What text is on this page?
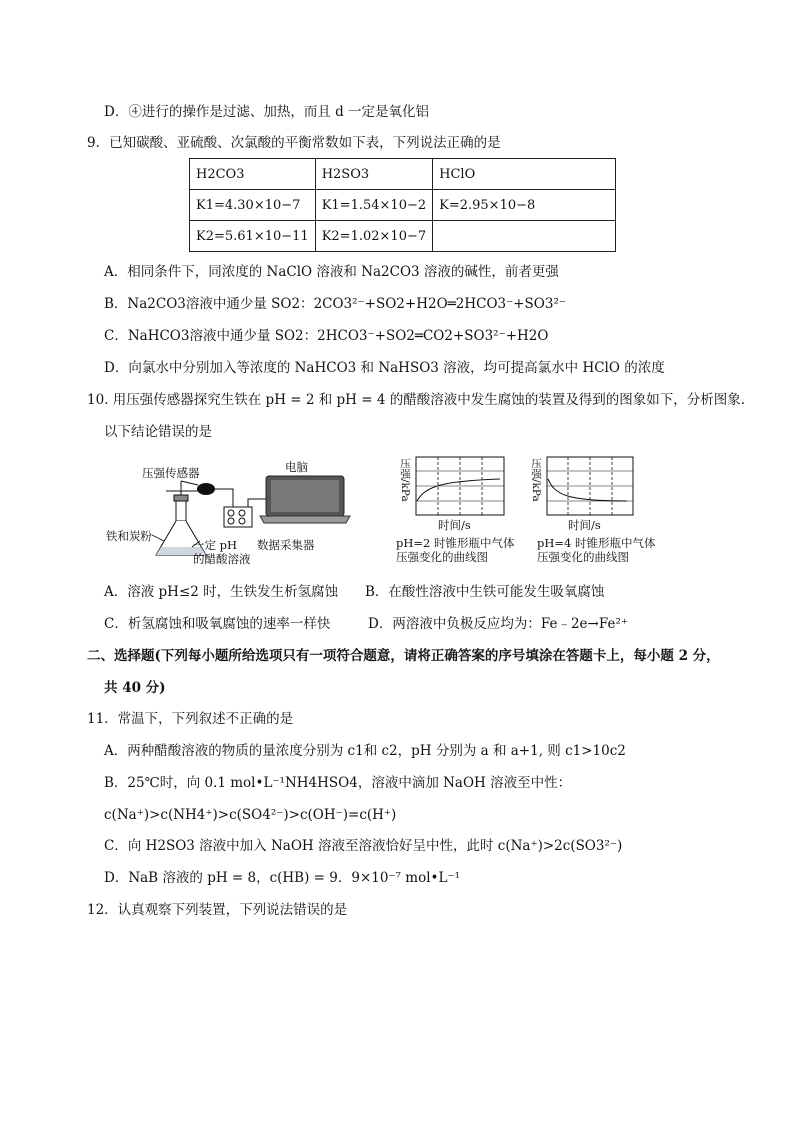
D．④进行的操作是过滤、加热，而且 d 一定是氧化铝
9．已知碳酸、亚硫酸、次氯酸的平衡常数如下表，下列说法正确的是
H2CO3	H2SO3	HClO
K1=4.30×10−7	K1=1.54×10−2	K=2.95×10−8
K2=5.61×10−11	K2=1.02×10−7	
A．相同条件下，同浓度的 NaClO 溶液和 Na2CO3 溶液的碱性，前者更强
B．Na2CO3溶液中通少量 SO2：2CO3²⁻+SO2+H2O═2HCO3⁻+SO3²⁻
C．NaHCO3溶液中通少量 SO2：2HCO3⁻+SO2═CO2+SO3²⁻+H2O
D．向氯水中分别加入等浓度的 NaHCO3 和 NaHSO3 溶液，均可提高氯水中 HClO 的浓度
10. 用压强传感器探究生铁在 pH = 2 和 pH = 4 的醋酸溶液中发生腐蚀的装置及得到的图象如下，分析图象.
以下结论错误的是
压强传感器	电脑
铁和炭粉
一定 pH
的醋酸溶液
数据采集器
压强/kPa
时间/s
pH=2 时锥形瓶中气体
压强变化的曲线图
压强/kPa
时间/s
pH=4 时锥形瓶中气体
压强变化的曲线图
A．溶液 pH≤2 时，生铁发生析氢腐蚀 B．在酸性溶液中生铁可能发生吸氧腐蚀
C．析氢腐蚀和吸氧腐蚀的速率一样快	D．两溶液中负极反应均为：Fe﹣2e→Fe²⁺
二、选择题(下列每小题所给选项只有一项符合题意，请将正确答案的序号填涂在答题卡上，每小题 2 分，
共 40 分)
11．常温下，下列叙述不正确的是
A．两种醋酸溶液的物质的量浓度分别为 c1和 c2，pH 分别为 a 和 a+1, 则 c1>10c2
B．25℃时，向 0.1 mol•L⁻¹NH4HSO4，溶液中滴加 NaOH 溶液至中性：
c(Na⁺)>c(NH4⁺)>c(SO4²⁻)>c(OH⁻)=c(H⁺)
C．向 H2SO3 溶液中加入 NaOH 溶液至溶液恰好呈中性，此时 c(Na⁺)>2c(SO3²⁻)
D．NaB 溶液的 pH = 8，c(HB) = 9．9×10⁻⁷ mol•L⁻¹
12．认真观察下列装置，下列说法错误的是
